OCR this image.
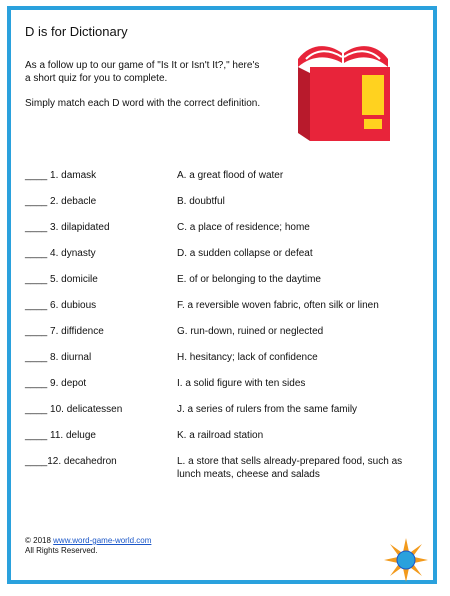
D is for Dictionary
As a follow up to our game of "Is It or Isn't It?," here's a short quiz for you to complete.
Simply match each D word with the correct definition.
____ 1. damask	A. a great flood of water
____ 2. debacle	B. doubtful
____ 3. dilapidated	C. a place of residence; home
____ 4. dynasty	D. a sudden collapse or defeat
____ 5. domicile	E. of or belonging to the daytime
____ 6. dubious	F. a reversible woven fabric, often silk or linen
____ 7. diffidence	G. run-down, ruined or neglected
____ 8. diurnal	H. hesitancy; lack of confidence
____ 9. depot	I. a solid figure with ten sides
____ 10. delicatessen	J. a series of rulers from the same family
____ 11. deluge	K. a railroad station
____12. decahedron	L. a store that sells already-prepared food, such as lunch meats, cheese and salads
© 2018 www.word-game-world.com
All Rights Reserved.
